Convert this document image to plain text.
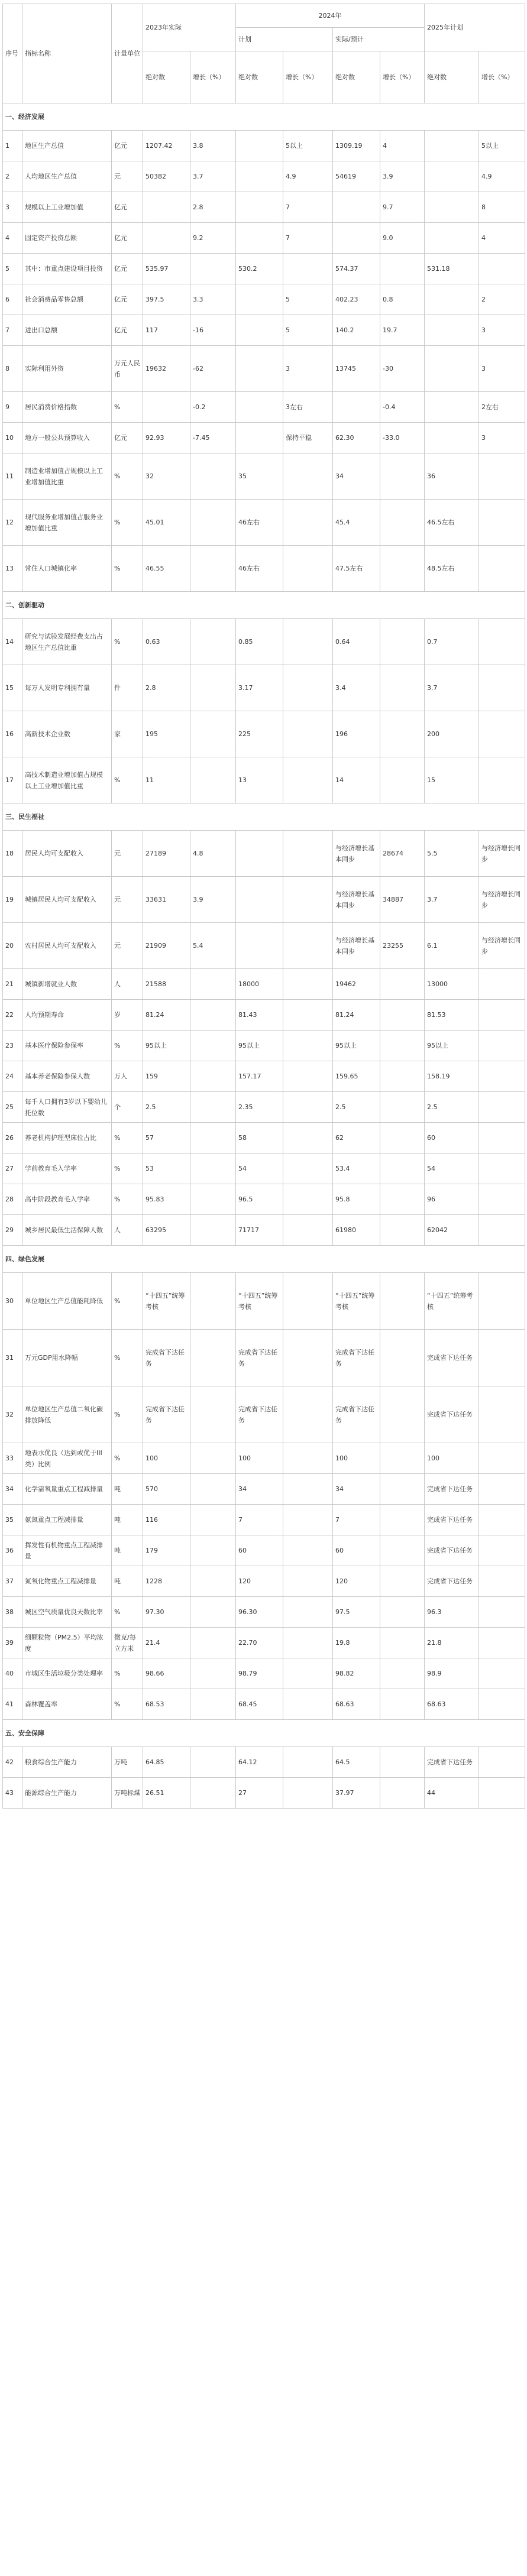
序号	指标名称	计量单位	2023年实际		2024年				2025年计划	
					计划		实际/预计			
			绝对数	增长（%）	绝对数	增长（%）	绝对数	增长（%）	绝对数	增长（%）
一、经济发展										
1	地区生产总值	亿元	1207.42	3.8		5以上	1309.19	4		5以上
2	人均地区生产总值	元	50382	3.7		4.9	54619	3.9		4.9
3	规模以上工业增加值	亿元		2.8		7		9.7		8
4	固定资产投资总额	亿元		9.2		7		9.0		4
5	其中：市重点建设项目投资	亿元	535.97		530.2		574.37		531.18	
6	社会消费品零售总额	亿元	397.5	3.3		5	402.23	0.8		2
7	进出口总额	亿元	117	-16		5	140.2	19.7		3
8	实际利用外资	万元人民币	19632	-62		3	13745	-30		3
9	居民消费价格指数	%		-0.2		3左右		-0.4		2左右
10	地方一般公共预算收入	亿元	92.93	-7.45		保持平稳	62.30	-33.0		3
11	制造业增加值占规模以上工业增加值比重	%	32		35		34		36	
12	现代服务业增加值占服务业增加值比重	%	45.01		46左右		45.4		46.5左右	
13	常住人口城镇化率	%	46.55		46左右		47.5左右		48.5左右	
二、创新驱动										
14	研究与试验发展经费支出占地区生产总值比重	%	0.63		0.85		0.64		0.7	
15	每万人发明专利拥有量	件	2.8		3.17		3.4		3.7	
16	高新技术企业数	家	195		225		196		200	
17	高技术制造业增加值占规模以上工业增加值比重	%	11		13		14		15	
三、民生福祉										
18	居民人均可支配收入	元	27189	4.8			与经济增长基本同步	28674	5.5	与经济增长同步
19	城镇居民人均可支配收入	元	33631	3.9			与经济增长基本同步	34887	3.7	与经济增长同步
20	农村居民人均可支配收入	元	21909	5.4			与经济增长基本同步	23255	6.1	与经济增长同步
21	城镇新增就业人数	人	21588		18000		19462		13000	
22	人均预期寿命	岁	81.24		81.43		81.24		81.53	
23	基本医疗保险参保率	%	95以上		95以上		95以上		95以上	
24	基本养老保险参保人数	万人	159		157.17		159.65		158.19	
25	每千人口拥有3岁以下婴幼儿托位数	个	2.5		2.35		2.5		2.5	
26	养老机构护理型床位占比	%	57		58		62		60	
27	学前教育毛入学率	%	53		54		53.4		54	
28	高中阶段教育毛入学率	%	95.83		96.5		95.8		96	
29	城乡居民最低生活保障人数	人	63295		71717		61980		62042	
四、绿色发展										
30	单位地区生产总值能耗降低	%	“十四五”统筹考核		“十四五”统筹考核		“十四五”统筹考核		“十四五”统筹考核	
31	万元GDP用水降幅	%	完成省下达任务		完成省下达任务		完成省下达任务		完成省下达任务	
32	单位地区生产总值二氧化碳排放降低	%	完成省下达任务		完成省下达任务		完成省下达任务		完成省下达任务	
33	地表水优良（达到或优于III类）比例	%	100		100		100		100	
34	化学需氧量重点工程减排量	吨	570		34		34		完成省下达任务	
35	氨氮重点工程减排量	吨	116		7		7		完成省下达任务	
36	挥发性有机物重点工程减排量	吨	179		60		60		完成省下达任务	
37	氮氧化物重点工程减排量	吨	1228		120		120		完成省下达任务	
38	城区空气质量优良天数比率	%	97.30		96.30		97.5		96.3	
39	细颗粒物（PM2.5）平均浓度	微克/每立方米	21.4		22.70		19.8		21.8	
40	市城区生活垃圾分类处理率	%	98.66		98.79		98.82		98.9	
41	森林覆盖率	%	68.53		68.45		68.63		68.63	
五、安全保障										
42	粮食综合生产能力	万吨	64.85		64.12		64.5		完成省下达任务	
43	能源综合生产能力	万吨标煤	26.51		27		37.97		44	
